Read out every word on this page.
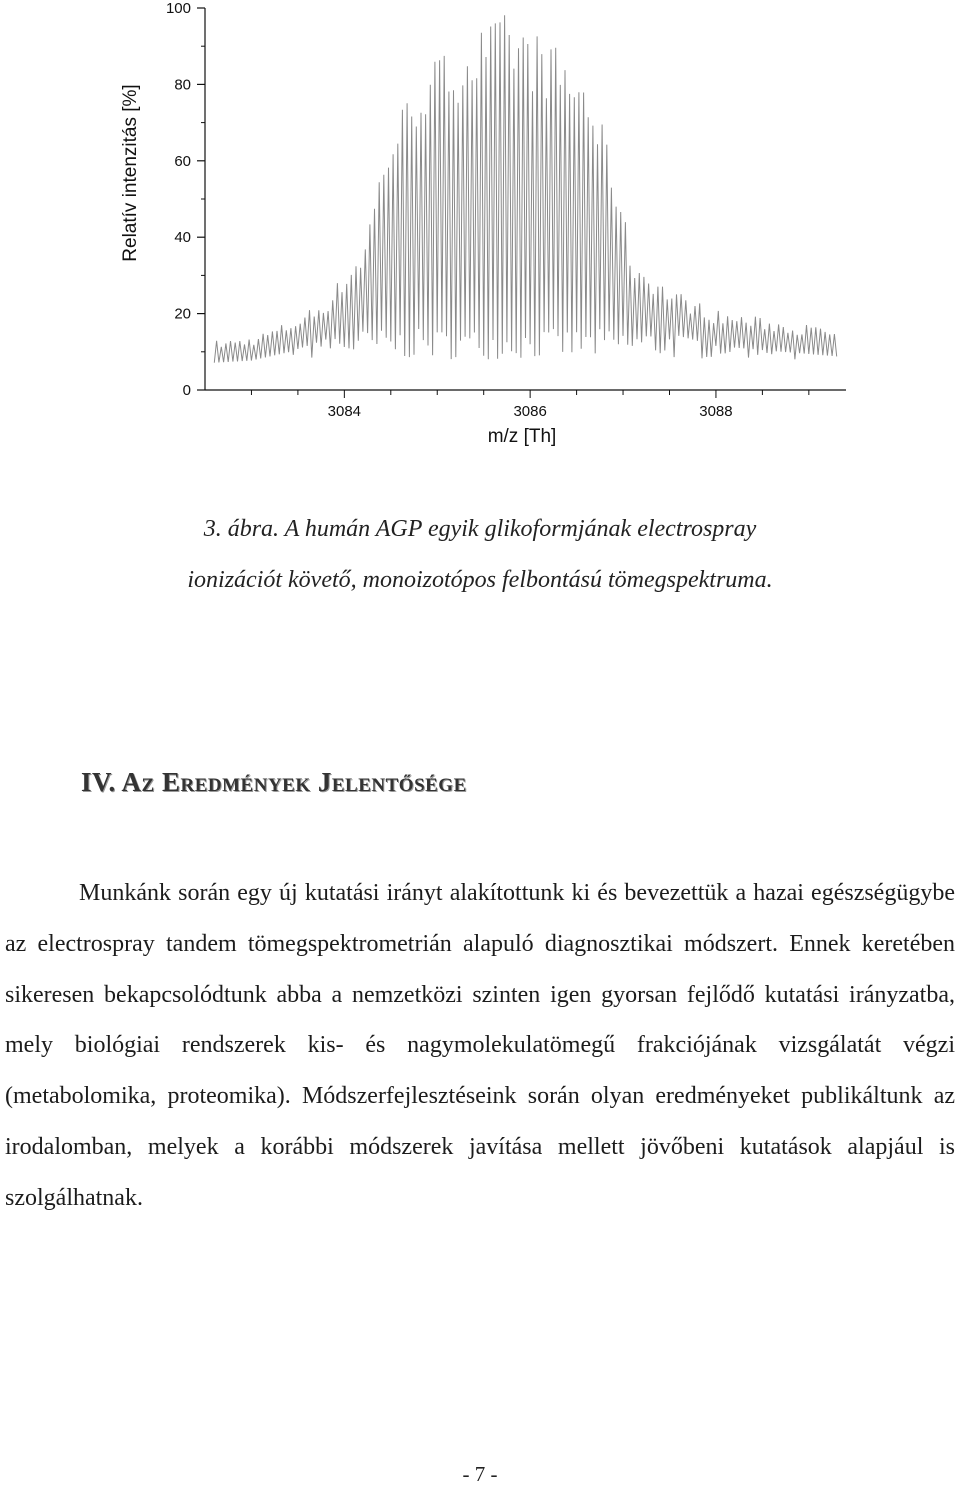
0
20
40
60
80
100
3084	3086	3088
Relatív intenzitás [%]
m/z [Th]
3. ábra. A humán AGP egyik glikoformjának electrospray
ionizációt követő, monoizotópos felbontású tömegspektruma.
IV. Az Eredmények Jelentősége

Munkánk során egy új kutatási irányt alakítottunk ki és bevezettük a hazai egészségügybe az electrospray tandem tömegspektrometrián alapuló diagnosztikai módszert. Ennek keretében sikeresen bekapcsolódtunk abba a nemzetközi szinten igen gyorsan fejlődő kutatási irányzatba, mely biológiai rendszerek kis- és nagymolekulatömegű frakciójának vizsgálatát végzi (metabolomika, proteomika). Módszerfejlesztéseink során olyan eredményeket publikáltunk az irodalomban, melyek a korábbi módszerek javítása mellett jövőbeni kutatások alapjául is szolgálhatnak.

- 7 -
